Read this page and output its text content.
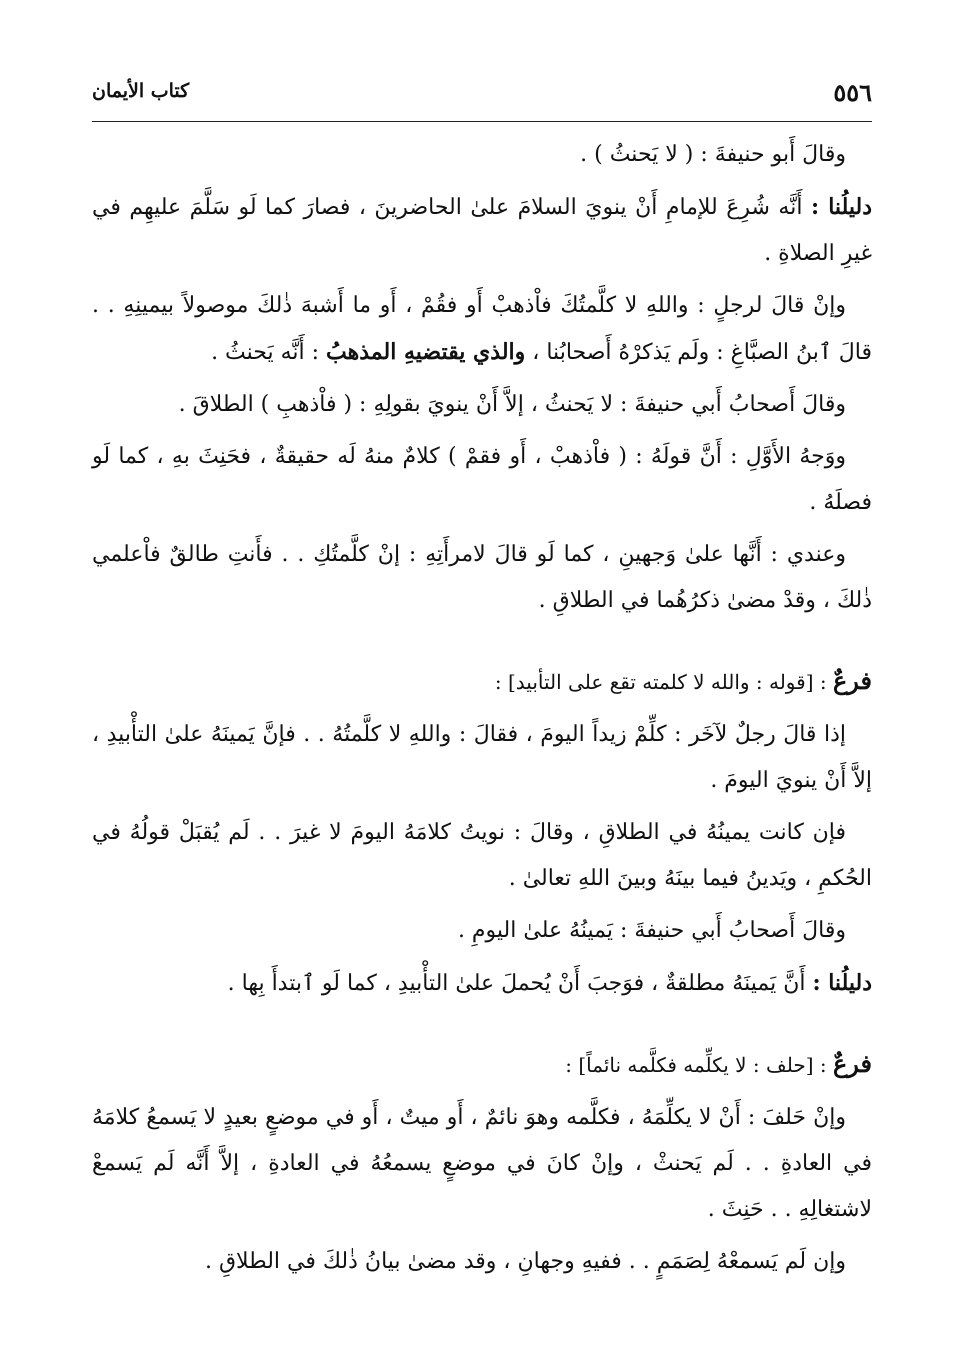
٥٥٦
كتاب الأيمان

وقالَ أَبو حنيفةَ : ( لا يَحنثُ ) .

دليلُنا : أَنَّه شُرِعَ للإمامِ أَنْ ينويَ السلامَ علىٰ الحاضرينَ ، فصارَ كما لَو سَلَّمَ عليهِم في غيرِ الصلاةِ .

وإنْ قالَ لرجلٍ : واللهِ لا كلَّمتُكَ فاْذهبْ أَو فقُمْ ، أَو ما أَشبهَ ذٰلكَ موصولاً بيمينِهِ . . قالَ ٱبنُ الصبَّاغِ : ولَم يَذكرْهُ أَصحابُنا ، والذي يقتضيهِ المذهبُ : أَنَّه يَحنثُ .

وقالَ أَصحابُ أَبي حنيفةَ : لا يَحنثُ ، إلاَّ أَنْ ينويَ بقولِهِ : ( فاْذهبِ ) الطلاقَ .

ووَجهُ الأَوَّلِ : أَنَّ قولَهُ : ( فاْذهبْ ، أَو فقمْ ) كلامٌ منهُ لَه حقيقةٌ ، فحَنِثَ بهِ ، كما لَو فصلَهُ .

وعندي : أَنَّها علىٰ وَجهينِ ، كما لَو قالَ لامرأَتِهِ : إنْ كلَّمتُكِ . . فأَنتِ طالقٌ فاْعلمي ذٰلكَ ، وقدْ مضىٰ ذكرُهُما في الطلاقِ .

فرعٌ : [قوله : والله لا كلمته تقع على التأبيد] :

إذا قالَ رجلٌ لآخَر : كلِّمْ زيداً اليومَ ، فقالَ : واللهِ لا كلَّمتُهُ . . فإنَّ يَمينَهُ علىٰ التأْبيدِ ، إلاَّ أَنْ ينويَ اليومَ .

فإن كانت يمينُهُ في الطلاقِ ، وقالَ : نويتُ كلامَهُ اليومَ لا غيرَ . . لَم يُقبَلْ قولُهُ في الحُكمِ ، ويَدينُ فيما بينَهُ وبينَ اللهِ تعالىٰ .

وقالَ أَصحابُ أَبي حنيفةَ : يَمينُهُ علىٰ اليومِ .

دليلُنا : أَنَّ يَمينَهُ مطلقةٌ ، فوَجبَ أَنْ يُحملَ علىٰ التأْبيدِ ، كما لَو ٱبتدأَ بِها .

فرعٌ : [حلف : لا يكلِّمه فكلَّمه نائماً] :

وإنْ حَلفَ : أَنْ لا يكلِّمَهُ ، فكلَّمه وهوَ نائمٌ ، أَو ميتٌ ، أَو في موضعٍ بعيدٍ لا يَسمعُ كلامَهُ في العادةِ . . لَم يَحنثْ ، وإنْ كانَ في موضعٍ يسمعُهُ في العادةِ ، إلاَّ أَنَّه لَم يَسمعْ لاشتغالِهِ . . حَنِثَ .

وإن لَم يَسمعْهُ لِصَمَمٍ . . ففيهِ وجهانِ ، وقد مضىٰ بيانُ ذٰلكَ في الطلاقِ .
